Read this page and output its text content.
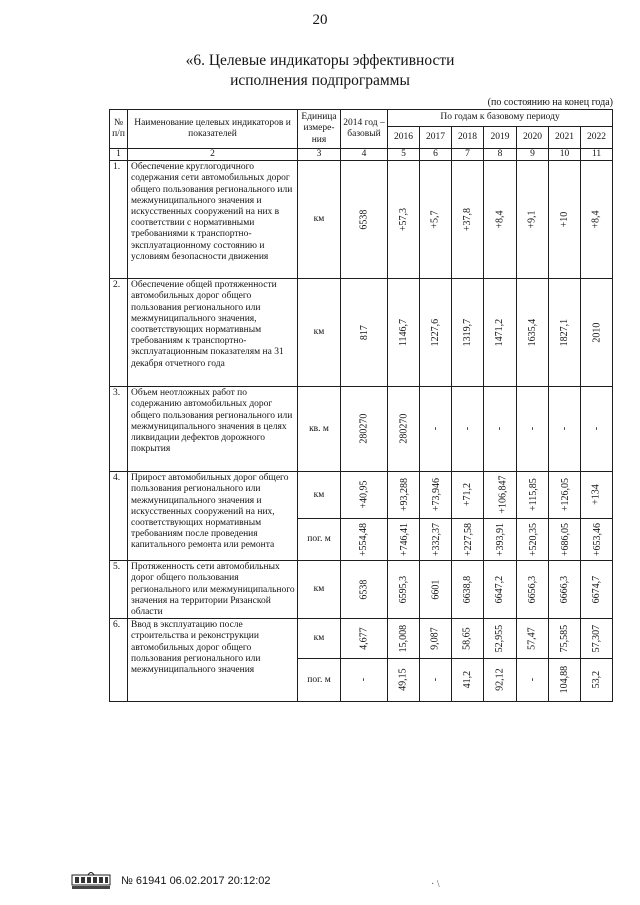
20
«6. Целевые индикаторы эффективности
исполнения подпрограммы
(по состоянию на конец года)
№ п/п	Наименование целевых индикаторов и показателей	Единица измере-ния	2014 год – базовый	По годам к базовому периоду						
				2016	2017	2018	2019	2020	2021	2022
1	2	3	4	5	6	7	8	9	10	11
1.	Обеспечение круглогодичного содержания сети автомобильных дорог общего пользования регионального или межмуниципального значения и искусственных сооружений на них в соответствии с нормативными требованиями к транспортно-эксплуатационному состоянию и условиям безопасности движения	км	6538	+57,3	+5,7	+37,8	+8,4	+9,1	+10	+8,4
2.	Обеспечение общей протяженности автомобильных дорог общего пользования регионального или межмуниципального значения, соответствующих нормативным требованиям к транспортно-эксплуатационным показателям на 31 декабря отчетного года	км	817	1146,7	1227,6	1319,7	1471,2	1635,4	1827,1	2010
3.	Объем неотложных работ по содержанию автомобильных дорог общего пользования регионального или межмуниципального значения в целях ликвидации дефектов дорожного покрытия	кв. м	280270	280270	-	-	-	-	-	-
4.	Прирост автомобильных дорог общего пользования регионального или межмуниципального значения и искусственных сооружений на них, соответствующих нормативным требованиям после проведения капитального ремонта или ремонта	км	+40,95	+93,288	+73,946	+71,2	+106,847	+115,85	+126,05	+134
		пог. м	+554,48	+746,41	+332,37	+227,58	+393,91	+520,35	+686,05	+653,46
5.	Протяженность сети автомобильных дорог общего пользования регионального или межмуниципального значения на территории Рязанской области	км	6538	6595,3	6601	6638,8	6647,2	6656,3	6666,3	6674,7
6.	Ввод в эксплуатацию после строительства и реконструкции автомобильных дорог общего пользования регионального или межмуниципального значения	км	4,677	15,008	9,087	58,65	52,955	57,47	75,585	57,307
		пог. м	-	49,15	-	41,2	92,12	-	104,88	53,2
№ 61941 06.02.2017 20:12:02	· \
